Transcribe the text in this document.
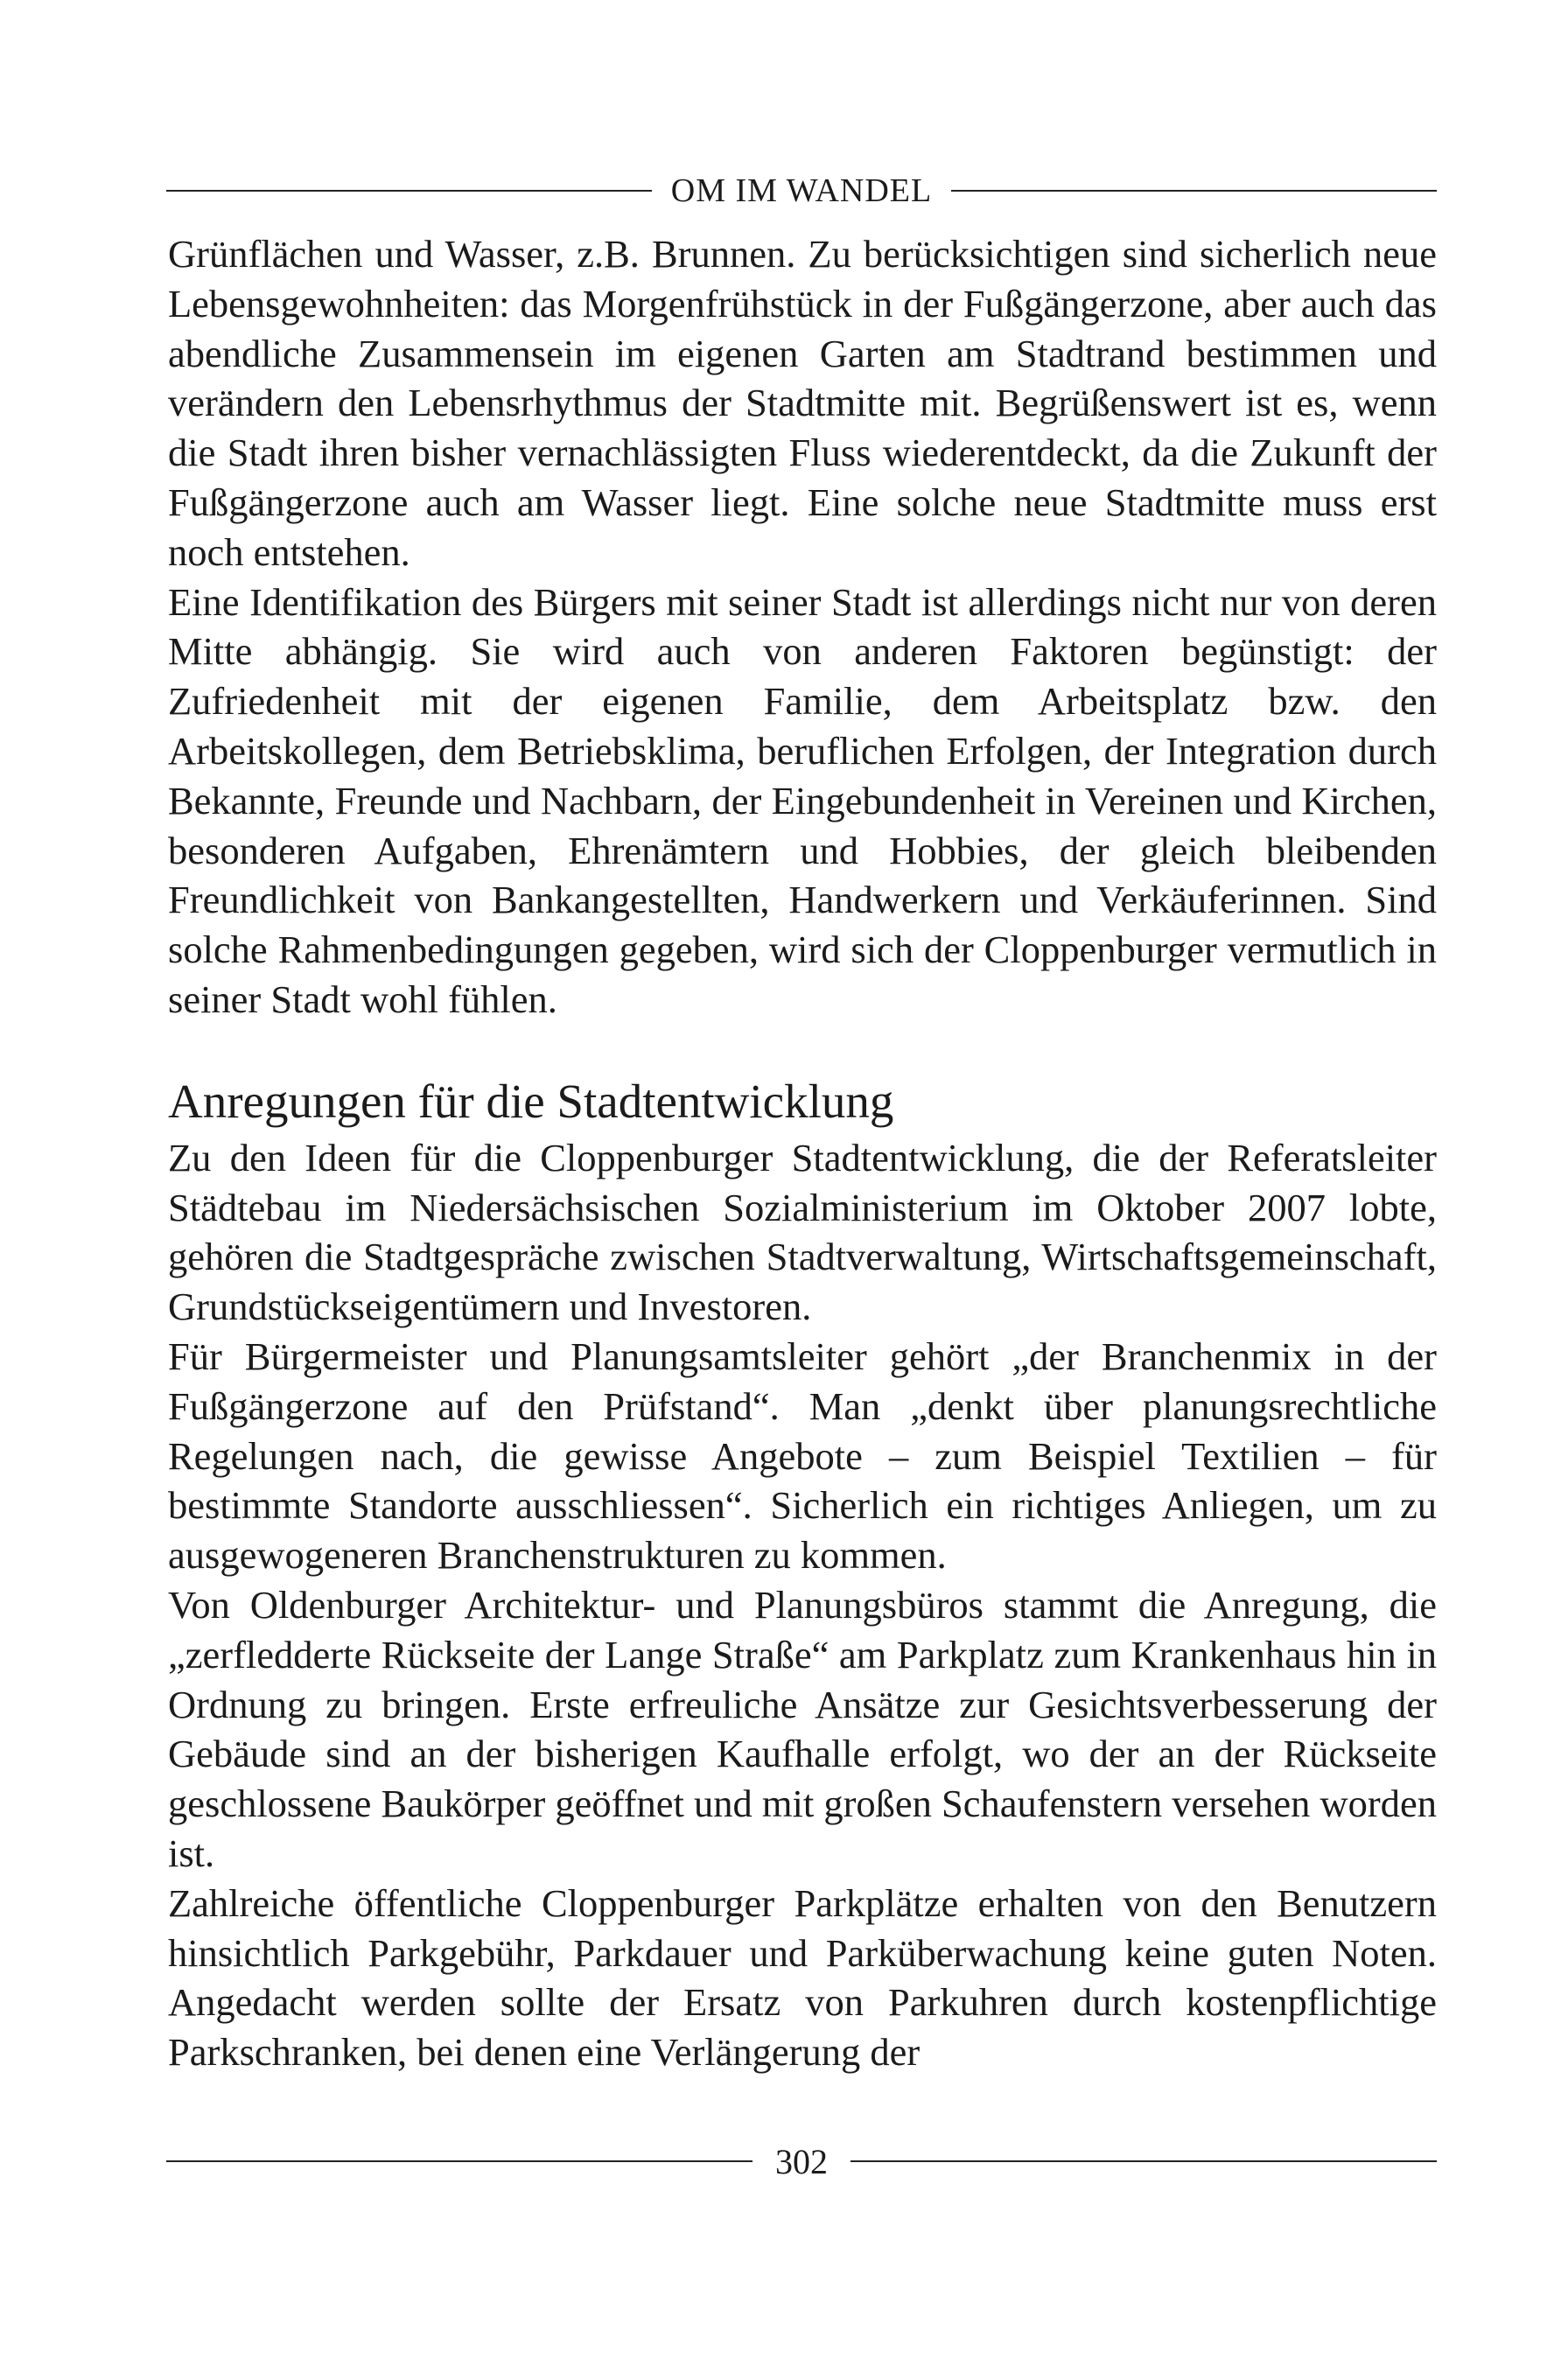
OM IM WANDEL

Grünflächen und Wasser, z.B. Brunnen. Zu berücksichtigen sind sicherlich neue Lebensgewohnheiten: das Morgenfrühstück in der Fußgängerzone, aber auch das abendliche Zusammensein im eigenen Garten am Stadtrand bestimmen und verändern den Lebensrhythmus der Stadtmitte mit. Begrüßenswert ist es, wenn die Stadt ihren bisher vernachlässigten Fluss wiederentdeckt, da die Zukunft der Fußgängerzone auch am Wasser liegt. Eine solche neue Stadtmitte muss erst noch entstehen.

Eine Identifikation des Bürgers mit seiner Stadt ist allerdings nicht nur von deren Mitte abhängig. Sie wird auch von anderen Faktoren begünstigt: der Zufriedenheit mit der eigenen Familie, dem Arbeitsplatz bzw. den Arbeitskollegen, dem Betriebsklima, beruflichen Erfolgen, der Integration durch Bekannte, Freunde und Nachbarn, der Eingebundenheit in Vereinen und Kirchen, besonderen Aufgaben, Ehrenämtern und Hobbies, der gleich bleibenden Freundlichkeit von Bankangestellten, Handwerkern und Verkäuferinnen. Sind solche Rahmenbedingungen gegeben, wird sich der Cloppenburger vermutlich in seiner Stadt wohl fühlen.

Anregungen für die Stadtentwicklung

Zu den Ideen für die Cloppenburger Stadtentwicklung, die der Referatsleiter Städtebau im Niedersächsischen Sozialministerium im Oktober 2007 lobte, gehören die Stadtgespräche zwischen Stadtverwaltung, Wirtschaftsgemeinschaft, Grundstückseigentümern und Investoren.

Für Bürgermeister und Planungsamtsleiter gehört „der Branchenmix in der Fußgängerzone auf den Prüfstand“. Man „denkt über planungsrechtliche Regelungen nach, die gewisse Angebote – zum Beispiel Textilien – für bestimmte Standorte ausschliessen“. Sicherlich ein richtiges Anliegen, um zu ausgewogeneren Branchenstrukturen zu kommen.

Von Oldenburger Architektur- und Planungsbüros stammt die Anregung, die „zerfledderte Rückseite der Lange Straße“ am Parkplatz zum Krankenhaus hin in Ordnung zu bringen. Erste erfreuliche Ansätze zur Gesichtsverbesserung der Gebäude sind an der bisherigen Kaufhalle erfolgt, wo der an der Rückseite geschlossene Baukörper geöffnet und mit großen Schaufenstern versehen worden ist.

Zahlreiche öffentliche Cloppenburger Parkplätze erhalten von den Benutzern hinsichtlich Parkgebühr, Parkdauer und Parküberwachung keine guten Noten. Angedacht werden sollte der Ersatz von Parkuhren durch kostenpflichtige Parkschranken, bei denen eine Verlängerung der

302
